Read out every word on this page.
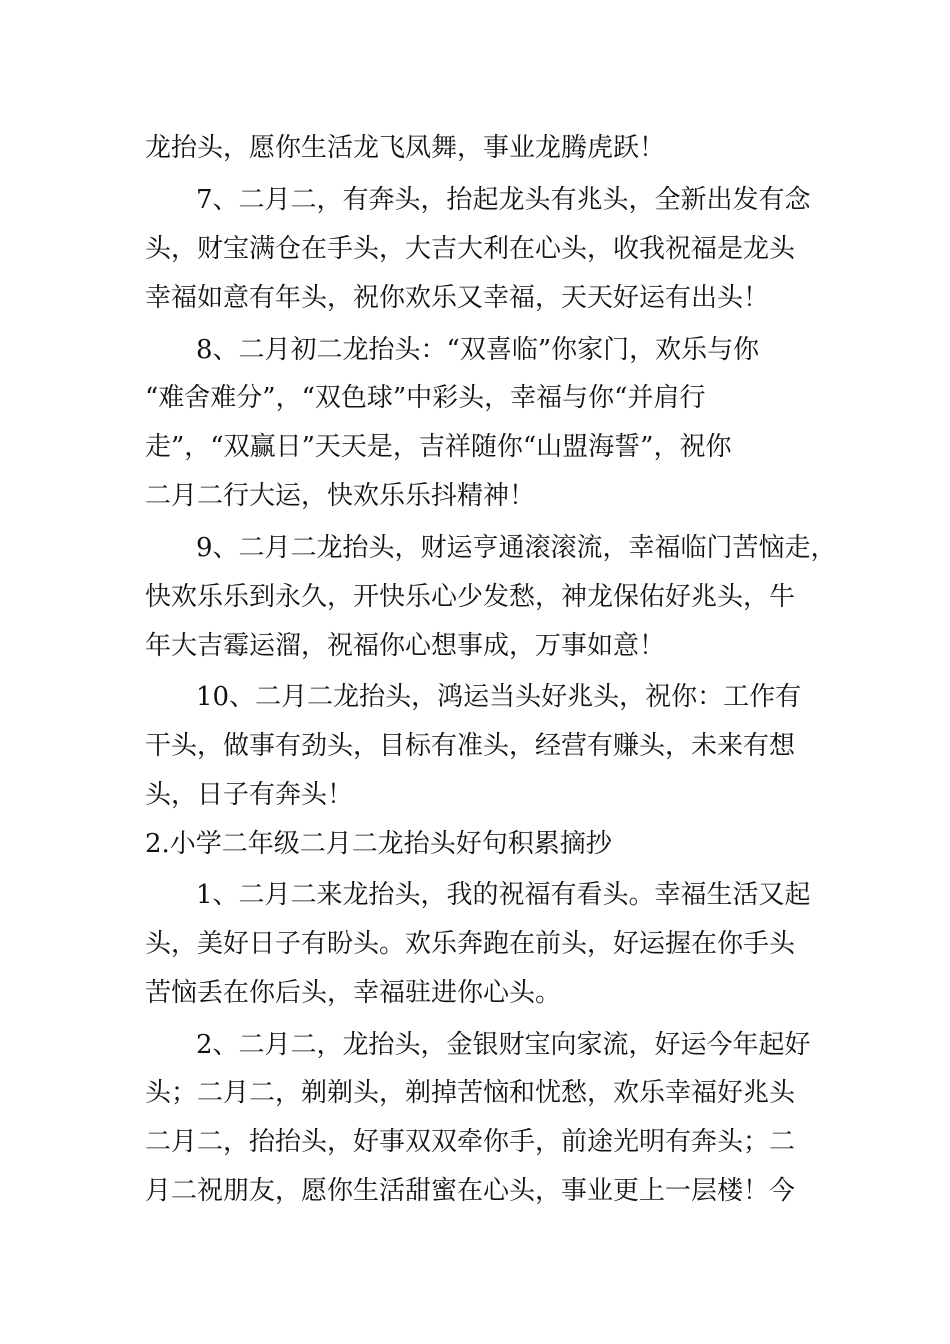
龙抬头，愿你生活龙飞凤舞，事业龙腾虎跃！
7、二月二，有奔头，抬起龙头有兆头，全新出发有念
头，财宝满仓在手头，大吉大利在心头，收我祝福是龙头
幸福如意有年头，祝你欢乐又幸福，天天好运有出头！
8、二月初二龙抬头：“双喜临”你家门，欢乐与你
“难舍难分”，“双色球”中彩头，幸福与你“并肩行
走”，“双赢日”天天是，吉祥随你“山盟海誓”，祝你
二月二行大运，快欢乐乐抖精神！
9、二月二龙抬头，财运亨通滚滚流，幸福临门苦恼走，
快欢乐乐到永久，开快乐心少发愁，神龙保佑好兆头，牛
年大吉霉运溜，祝福你心想事成，万事如意！
10、二月二龙抬头，鸿运当头好兆头，祝你：工作有
干头，做事有劲头，目标有准头，经营有赚头，未来有想
头，日子有奔头！
2.小学二年级二月二龙抬头好句积累摘抄
1、二月二来龙抬头，我的祝福有看头。幸福生活又起
头，美好日子有盼头。欢乐奔跑在前头，好运握在你手头
苦恼丢在你后头，幸福驻进你心头。
2、二月二，龙抬头，金银财宝向家流，好运今年起好
头；二月二，剃剃头，剃掉苦恼和忧愁，欢乐幸福好兆头
二月二，抬抬头，好事双双牵你手，前途光明有奔头；二
月二祝朋友，愿你生活甜蜜在心头，事业更上一层楼！今
